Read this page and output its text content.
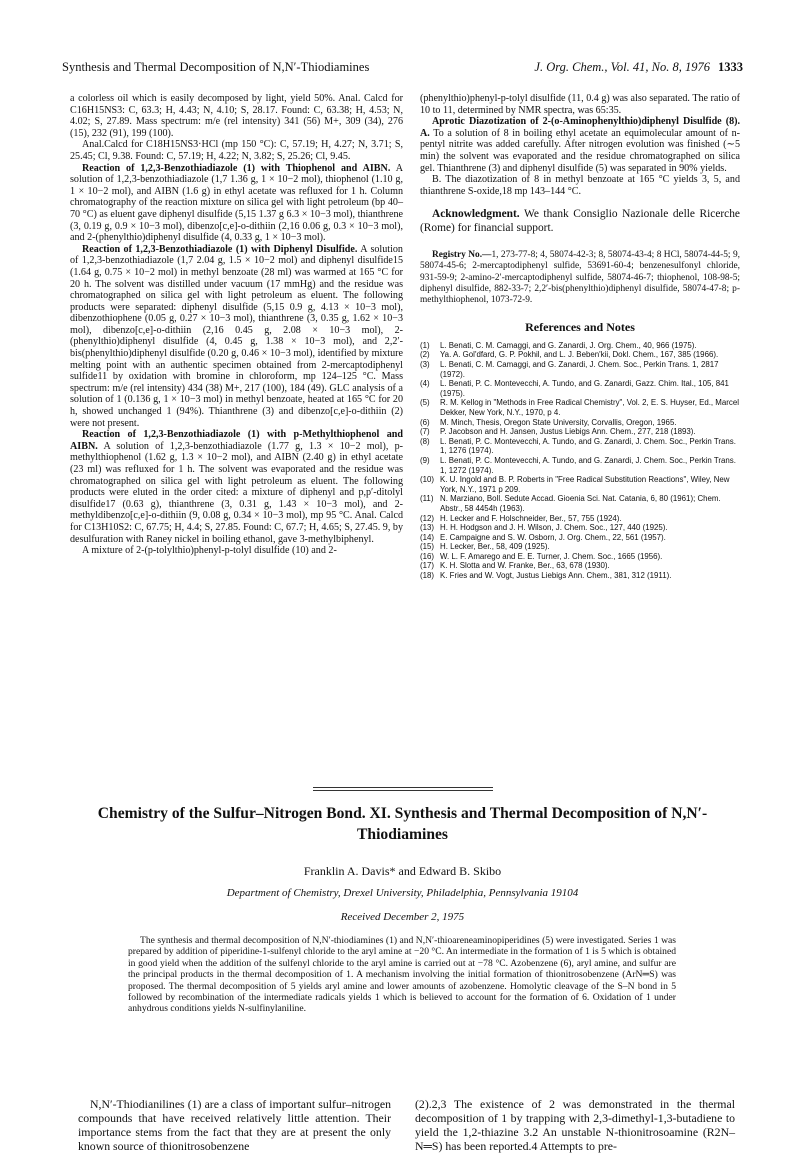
Synthesis and Thermal Decomposition of N,N′-Thiodiamines	J. Org. Chem., Vol. 41, No. 8, 1976 1333

a colorless oil which is easily decomposed by light, yield 50%. Anal. Calcd for C16H15NS3: C, 63.3; H, 4.43; N, 4.10; S, 28.17. Found: C, 63.38; H, 4.53; N, 4.02; S, 27.89. Mass spectrum: m/e (rel intensity) 341 (56) M+, 309 (34), 276 (15), 232 (91), 199 (100).

Anal.Calcd for C18H15NS3·HCl (mp 150 °C): C, 57.19; H, 4.27; N, 3.71; S, 25.45; Cl, 9.38. Found: C, 57.19; H, 4.22; N, 3.82; S, 25.26; Cl, 9.45.

Reaction of 1,2,3-Benzothiadiazole (1) with Thiophenol and AIBN. A solution of 1,2,3-benzothiadiazole (1,7 1.36 g, 1 × 10−2 mol), thiophenol (1.10 g, 1 × 10−2 mol), and AIBN (1.6 g) in ethyl acetate was refluxed for 1 h. Column chromatography of the reaction mixture on silica gel with light petroleum (bp 40–70 °C) as eluent gave diphenyl disulfide (5,15 1.37 g 6.3 × 10−3 mol), thianthrene (3, 0.19 g, 0.9 × 10−3 mol), dibenzo[c,e]-o-dithiin (2,16 0.06 g, 0.3 × 10−3 mol), and 2-(phenylthio)diphenyl disulfide (4, 0.33 g, 1 × 10−3 mol).

Reaction of 1,2,3-Benzothiadiazole (1) with Diphenyl Disulfide. A solution of 1,2,3-benzothiadiazole (1,7 2.04 g, 1.5 × 10−2 mol) and diphenyl disulfide15 (1.64 g, 0.75 × 10−2 mol) in methyl benzoate (28 ml) was warmed at 165 °C for 20 h. The solvent was distilled under vacuum (17 mmHg) and the residue was chromatographed on silica gel with light petroleum as eluent. The following products were separated: diphenyl disulfide (5,15 0.9 g, 4.13 × 10−3 mol), dibenzothiophene (0.05 g, 0.27 × 10−3 mol), thianthrene (3, 0.35 g, 1.62 × 10−3 mol), dibenzo[c,e]-o-dithiin (2,16 0.45 g, 2.08 × 10−3 mol), 2-(phenylthio)diphenyl disulfide (4, 0.45 g, 1.38 × 10−3 mol), and 2,2′-bis(phenylthio)diphenyl disulfide (0.20 g, 0.46 × 10−3 mol), identified by mixture melting point with an authentic specimen obtained from 2-mercaptodiphenyl sulfide11 by oxidation with bromine in chloroform, mp 124–125 °C. Mass spectrum: m/e (rel intensity) 434 (38) M+, 217 (100), 184 (49). GLC analysis of a solution of 1 (0.136 g, 1 × 10−3 mol) in methyl benzoate, heated at 165 °C for 20 h, showed unchanged 1 (94%). Thianthrene (3) and dibenzo[c,e]-o-dithiin (2) were not present.

Reaction of 1,2,3-Benzothiadiazole (1) with p-Methylthiophenol and AIBN. A solution of 1,2,3-benzothiadiazole (1.77 g, 1.3 × 10−2 mol), p-methylthiophenol (1.62 g, 1.3 × 10−2 mol), and AIBN (2.40 g) in ethyl acetate (23 ml) was refluxed for 1 h. The solvent was evaporated and the residue was chromatographed on silica gel with light petroleum as eluent. The following products were eluted in the order cited: a mixture of diphenyl and p,p′-ditolyl disulfide17 (0.63 g), thianthrene (3, 0.31 g, 1.43 × 10−3 mol), and 2-methyldibenzo[c,e]-o-dithiin (9, 0.08 g, 0.34 × 10−3 mol), mp 95 °C. Anal. Calcd for C13H10S2: C, 67.75; H, 4.4; S, 27.85. Found: C, 67.7; H, 4.65; S, 27.45. 9, by desulfuration with Raney nickel in boiling ethanol, gave 3-methylbiphenyl.

A mixture of 2-(p-tolylthio)phenyl-p-tolyl disulfide (10) and 2-

(phenylthio)phenyl-p-tolyl disulfide (11, 0.4 g) was also separated. The ratio of 10 to 11, determined by NMR spectra, was 65:35.

Aprotic Diazotization of 2-(o-Aminophenylthio)diphenyl Disulfide (8). A. To a solution of 8 in boiling ethyl acetate an equimolecular amount of n-pentyl nitrite was added carefully. After nitrogen evolution was finished (∼5 min) the solvent was evaporated and the residue chromatographed on silica gel. Thianthrene (3) and diphenyl disulfide (5) was separated in 90% yields.

B. The diazotization of 8 in methyl benzoate at 165 °C yields 3, 5, and thianthrene S-oxide,18 mp 143–144 °C.

Acknowledgment. We thank Consiglio Nazionale delle Ricerche (Rome) for financial support.

Registry No.—1, 273-77-8; 4, 58074-42-3; 8, 58074-43-4; 8 HCl, 58074-44-5; 9, 58074-45-6; 2-mercaptodiphenyl sulfide, 53691-60-4; benzenesulfonyl chloride, 931-59-9; 2-amino-2′-mercaptodiphenyl sulfide, 58074-46-7; thiophenol, 108-98-5; diphenyl disulfide, 882-33-7; 2,2′-bis(phenylthio)diphenyl disulfide, 58074-47-8; p-methylthiophenol, 1073-72-9.

References and Notes
(1)	L. Benati, C. M. Camaggi, and G. Zanardi, J. Org. Chem., 40, 966 (1975).
(2)	Ya. A. Gol'dfard, G. P. Pokhil, and L. J. Beben'kii, Dokl. Chem., 167, 385 (1966).
(3)	L. Benati, C. M. Camaggi, and G. Zanardi, J. Chem. Soc., Perkin Trans. 1, 2817 (1972).
(4)	L. Benati, P. C. Montevecchi, A. Tundo, and G. Zanardi, Gazz. Chim. Ital., 105, 841 (1975).
(5)	R. M. Kellog in "Methods in Free Radical Chemistry", Vol. 2, E. S. Huyser, Ed., Marcel Dekker, New York, N.Y., 1970, p 4.
(6)	M. Minch, Thesis, Oregon State University, Corvallis, Oregon, 1965.
(7)	P. Jacobson and H. Jansen, Justus Liebigs Ann. Chem., 277, 218 (1893).
(8)	L. Benati, P. C. Montevecchi, A. Tundo, and G. Zanardi, J. Chem. Soc., Perkin Trans. 1, 1276 (1974).
(9)	L. Benati, P. C. Montevecchi, A. Tundo, and G. Zanardi, J. Chem. Soc., Perkin Trans. 1, 1272 (1974).
(10) K. U. Ingold and B. P. Roberts in "Free Radical Substitution Reactions", Wiley, New York, N.Y., 1971 p 209.
(11) N. Marziano, Boll. Sedute Accad. Gioenia Sci. Nat. Catania, 6, 80 (1961); Chem. Abstr., 58 4454h (1963).
(12) H. Lecker and F. Holschneider, Ber., 57, 755 (1924).
(13) H. H. Hodgson and J. H. Wilson, J. Chem. Soc., 127, 440 (1925).
(14) E. Campaigne and S. W. Osborn, J. Org. Chem., 22, 561 (1957).
(15) H. Lecker, Ber., 58, 409 (1925).
(16) W. L. F. Amarego and E. E. Turner, J. Chem. Soc., 1665 (1956).
(17) K. H. Slotta and W. Franke, Ber., 63, 678 (1930).
(18) K. Fries and W. Vogt, Justus Liebigs Ann. Chem., 381, 312 (1911).
Chemistry of the Sulfur–Nitrogen Bond. XI. Synthesis and Thermal Decomposition of N,N′-Thiodiamines
Franklin A. Davis* and Edward B. Skibo
Department of Chemistry, Drexel University, Philadelphia, Pennsylvania 19104
Received December 2, 1975
The synthesis and thermal decomposition of N,N′-thiodiamines (1) and N,N′-thioareneaminopiperidines (5) were investigated. Series 1 was prepared by addition of piperidine-1-sulfenyl chloride to the aryl amine at −20 °C. An intermediate in the formation of 1 is 5 which is obtained in good yield when the addition of the sulfenyl chloride to the aryl amine is carried out at −78 °C. Azobenzene (6), aryl amine, and sulfur are the principal products in the thermal decomposition of 1. A mechanism involving the initial formation of thionitrosobenzene (ArN═S) was proposed. The thermal decomposition of 5 yields aryl amine and lower amounts of azobenzene. Homolytic cleavage of the S–N bond in 5 followed by recombination of the intermediate radicals yields 1 which is believed to account for the formation of 6. Oxidation of 1 under anhydrous conditions yields N-sulfinylaniline.
N,N′-Thiodianilines (1) are a class of important sulfur–nitrogen compounds that have received relatively little attention. Their importance stems from the fact that they are at present the only known source of thionitrosobenzene
(2).2,3 The existence of 2 was demonstrated in the thermal decomposition of 1 by trapping with 2,3-dimethyl-1,3-butadiene to yield the 1,2-thiazine 3.2 An unstable N-thionitrosoamine (R2N–N═S) has been reported.4 Attempts to pre-
